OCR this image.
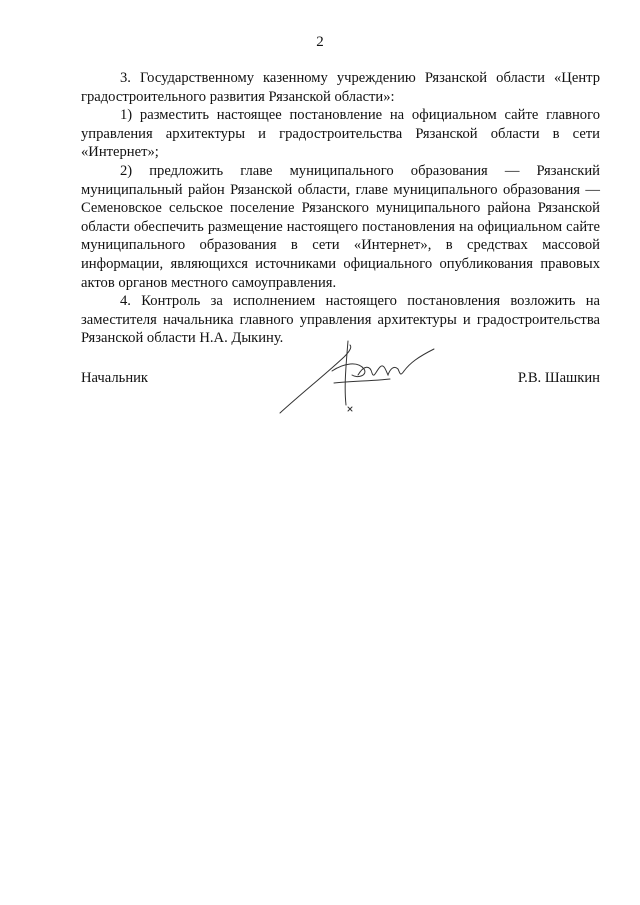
2

3. Государственному казенному учреждению Рязанской области «Центр градостроительного развития Рязанской области»:

1) разместить настоящее постановление на официальном сайте главного управления архитектуры и градостроительства Рязанской области в сети «Интернет»;

2) предложить главе муниципального образования — Рязанский муниципальный район Рязанской области, главе муниципального образования — Семеновское сельское поселение Рязанского муниципального района Рязанской области обеспечить размещение настоящего постановления на официальном сайте муниципального образования в сети «Интернет», в средствах массовой информации, являющихся источниками официального опубликования правовых актов органов местного самоуправления.

4. Контроль за исполнением настоящего постановления возложить на заместителя начальника главного управления архитектуры и градостроительства Рязанской области Н.А. Дыкину.

Начальник	Р.В. Шашкин
